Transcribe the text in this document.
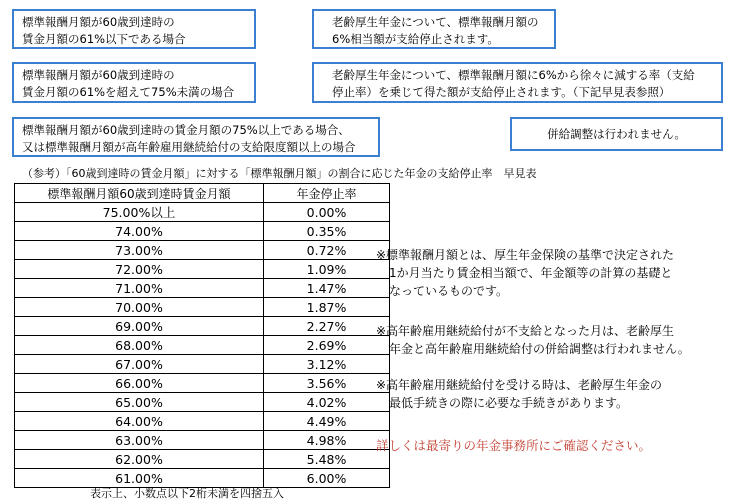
標準報酬月額が60歳到達時の
賃金月額の61%以下である場合
老齢厚生年金について、標準報酬月額の
6%相当額が支給停止されます。
標準報酬月額が60歳到達時の
賃金月額の61%を超えて75%未満の場合
老齢厚生年金について、標準報酬月額に6%から徐々に減する率（支給
停止率）を乗じて得た額が支給停止されます。（下記早見表参照）
標準報酬月額が60歳到達時の賃金月額の75%以上である場合、
又は標準報酬月額が高年齢雇用継続給付の支給限度額以上の場合
併給調整は行われません。
（参考）「60歳到達時の賃金月額」に対する「標準報酬月額」の割合に応じた年金の支給停止率　早見表
標準報酬月額60歳到達時賃金月額	年金停止率
75.00%以上	0.00%
74.00%	0.35%
73.00%	0.72%
72.00%	1.09%
71.00%	1.47%
70.00%	1.87%
69.00%	2.27%
68.00%	2.69%
67.00%	3.12%
66.00%	3.56%
65.00%	4.02%
64.00%	4.49%
63.00%	4.98%
62.00%	5.48%
61.00%	6.00%

※標準報酬月額とは、厚生年金保険の基準で決定された

1か月当たり賃金相当額で、年金額等の計算の基礎と

なっているものです。

※高年齢雇用継続給付が不支給となった月は、老齢厚生

年金と高年齢雇用継続給付の併給調整は行われません。

※高年齢雇用継続給付を受ける時は、老齢厚生年金の

最低手続きの際に必要な手続きがあります。

詳しくは最寄りの年金事務所にご確認ください。
表示上、小数点以下2桁未満を四捨五入
